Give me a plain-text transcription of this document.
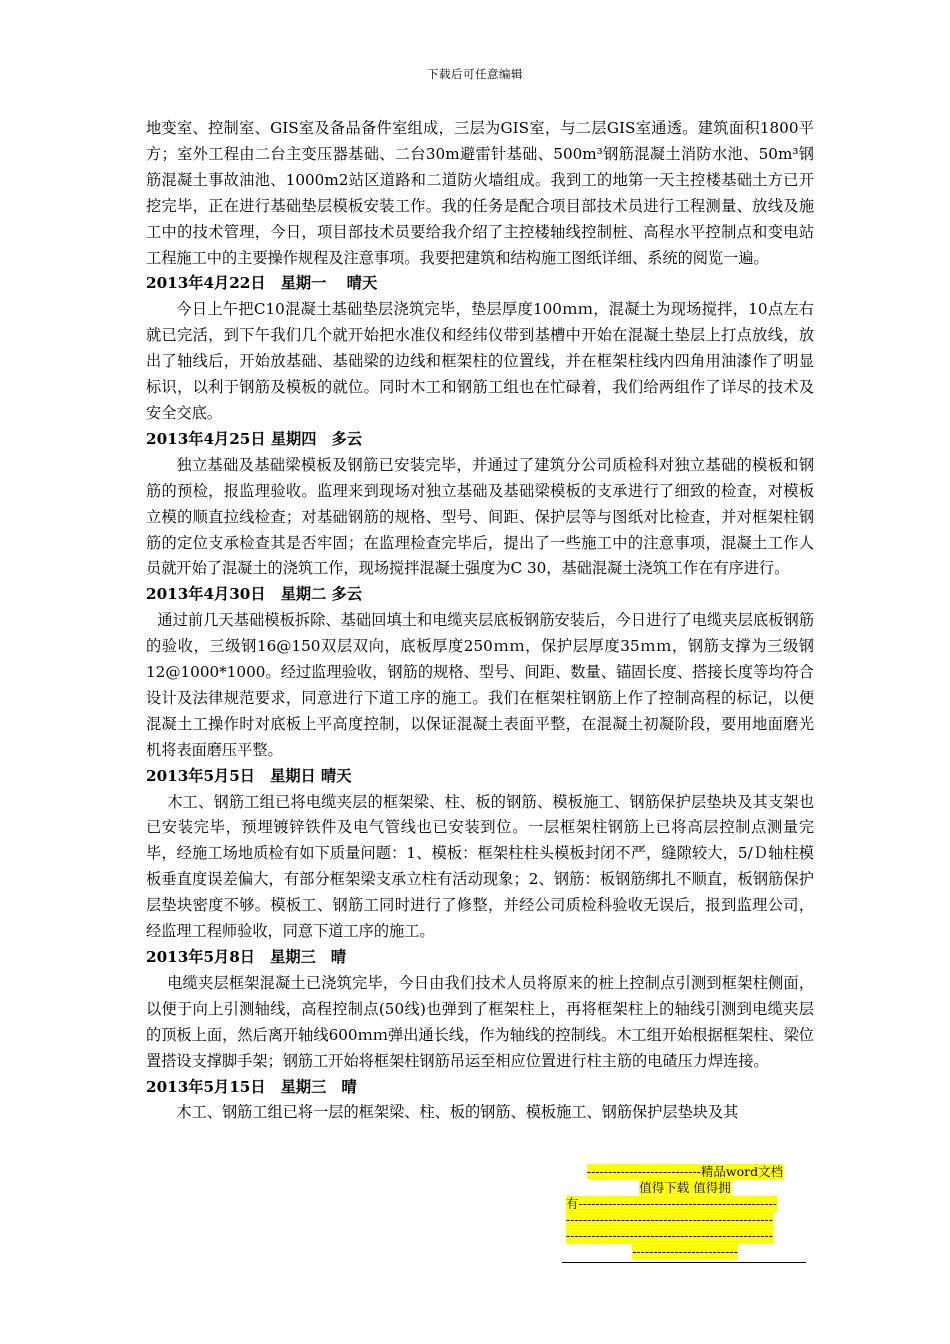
下载后可任意编辑

地变室、控制室、GIS室及备品备件室组成，三层为GIS室，与二层GIS室通透。建筑面积1800平方；室外工程由二台主变压器基础、二台30m避雷针基础、500m³钢筋混凝土消防水池、50m³钢筋混凝土事故油池、1000m2站区道路和二道防火墙组成。我到工的地第一天主控楼基础土方已开挖完毕，正在进行基础垫层模板安装工作。我的任务是配合项目部技术员进行工程测量、放线及施工中的技术管理，今日，项目部技术员要给我介绍了主控楼轴线控制桩、高程水平控制点和变电站工程施工中的主要操作规程及注意事项。我要把建筑和结构施工图纸详细、系统的阅览一遍。

2013年4月22日　星期一　 晴天

今日上午把C10混凝土基础垫层浇筑完毕，垫层厚度100ｍｍ，混凝土为现场搅拌，10点左右就已完活，到下午我们几个就开始把水准仪和经纬仪带到基槽中开始在混凝土垫层上打点放线，放出了轴线后，开始放基础、基础梁的边线和框架柱的位置线，并在框架柱线内四角用油漆作了明显标识，以利于钢筋及模板的就位。同时木工和钢筋工组也在忙碌着，我们给两组作了详尽的技术及安全交底。

2013年4月25日 星期四　多云

独立基础及基础梁模板及钢筋已安装完毕，并通过了建筑分公司质检科对独立基础的模板和钢筋的预检，报监理验收。监理来到现场对独立基础及基础梁模板的支承进行了细致的检查，对模板立模的顺直拉线检查；对基础钢筋的规格、型号、间距、保护层等与图纸对比检查，并对框架柱钢筋的定位支承检查其是否牢固；在监理检查完毕后，提出了一些施工中的注意事项，混凝土工作人员就开始了混凝土的浇筑工作，现场搅拌混凝土强度为C 30，基础混凝土浇筑工作在有序进行。

2013年4月30日　星期二 多云

通过前几天基础模板拆除、基础回填土和电缆夹层底板钢筋安装后，今日进行了电缆夹层底板钢筋的验收，三级钢16@150双层双向，底板厚度250ｍｍ，保护层厚度35ｍｍ，钢筋支撑为三级钢12@1000*1000。经过监理验收，钢筋的规格、型号、间距、数量、锚固长度、搭接长度等均符合设计及法律规范要求，同意进行下道工序的施工。我们在框架柱钢筋上作了控制高程的标记，以便混凝土工操作时对底板上平高度控制，以保证混凝土表面平整，在混凝土初凝阶段，要用地面磨光机将表面磨压平整。

2013年5月5日　星期日 晴天

木工、钢筋工组已将电缆夹层的框架梁、柱、板的钢筋、模板施工、钢筋保护层垫块及其支架也已安装完毕，预埋镀锌铁件及电气管线也已安装到位。一层框架柱钢筋上已将高层控制点测量完毕，经施工场地质检有如下质量问题：1、模板：框架柱柱头模板封闭不严，缝隙较大，5/Ｄ轴柱模板垂直度误差偏大，有部分框架梁支承立柱有活动现象；2、钢筋：板钢筋绑扎不顺直，板钢筋保护层垫块密度不够。模板工、钢筋工同时进行了修整，并经公司质检科验收无误后，报到监理公司，经监理工程师验收，同意下道工序的施工。

2013年5月8日　星期三　晴

电缆夹层框架混凝土已浇筑完毕，今日由我们技术人员将原来的桩上控制点引测到框架柱侧面，以便于向上引测轴线，高程控制点(50线)也弹到了框架柱上，再将框架柱上的轴线引测到电缆夹层的顶板上面，然后离开轴线600ｍｍ弹出通长线，作为轴线的控制线。木工组开始根据框架柱、梁位置搭设支撑脚手架；钢筋工开始将框架柱钢筋吊运至相应位置进行柱主筋的电碴压力焊连接。

2013年5月15日　星期三　晴

木工、钢筋工组已将一层的框架梁、柱、板的钢筋、模板施工、钢筋保护层垫块及其

---------------------------精品word文档
值得下载 值得拥
有-----------------------------------------------
-------------------------------------------------
-------------------------------------------------
-------------------------
